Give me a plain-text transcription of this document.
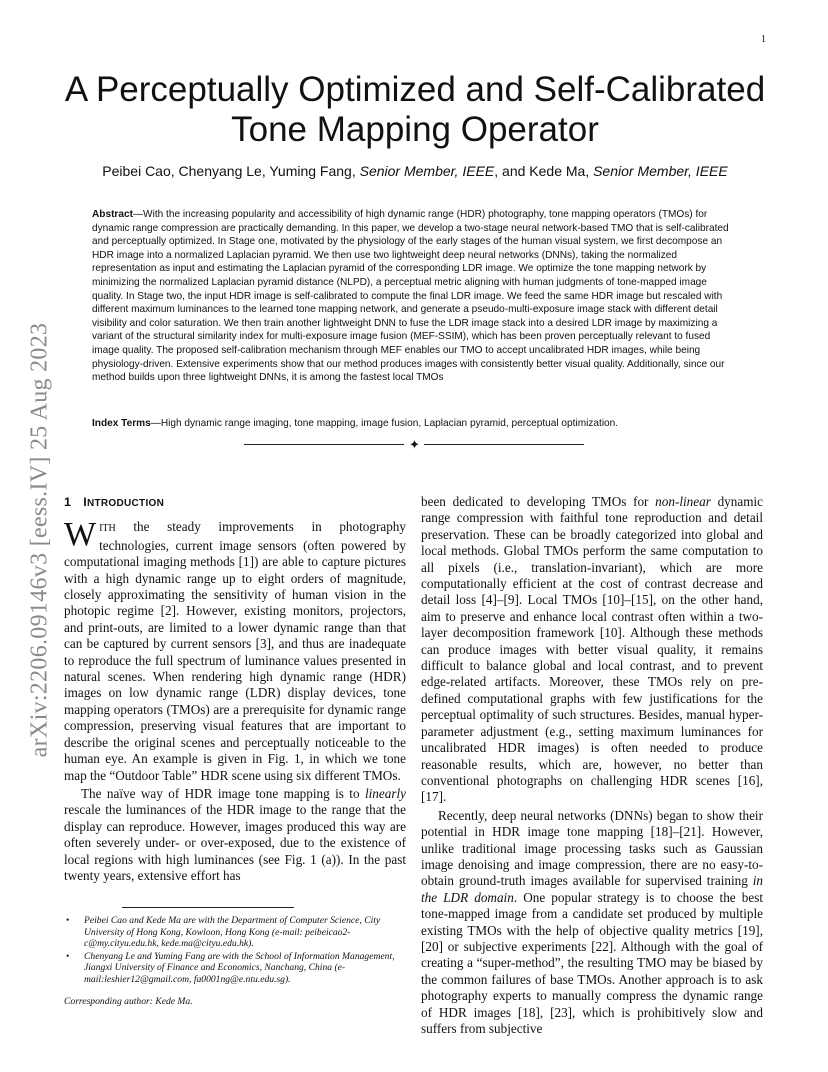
1
arXiv:2206.09146v3 [eess.IV] 25 Aug 2023
A Perceptually Optimized and Self-Calibrated
Tone Mapping Operator
Peibei Cao, Chenyang Le, Yuming Fang, Senior Member, IEEE, and Kede Ma, Senior Member, IEEE

Abstract—With the increasing popularity and accessibility of high dynamic range (HDR) photography, tone mapping operators (TMOs) for dynamic range compression are practically demanding. In this paper, we develop a two-stage neural network-based TMO that is self-calibrated and perceptually optimized. In Stage one, motivated by the physiology of the early stages of the human visual system, we first decompose an HDR image into a normalized Laplacian pyramid. We then use two lightweight deep neural networks (DNNs), taking the normalized representation as input and estimating the Laplacian pyramid of the corresponding LDR image. We optimize the tone mapping network by minimizing the normalized Laplacian pyramid distance (NLPD), a perceptual metric aligning with human judgments of tone-mapped image quality. In Stage two, the input HDR image is self-calibrated to compute the final LDR image. We feed the same HDR image but rescaled with different maximum luminances to the learned tone mapping network, and generate a pseudo-multi-exposure image stack with different detail visibility and color saturation. We then train another lightweight DNN to fuse the LDR image stack into a desired LDR image by maximizing a variant of the structural similarity index for multi-exposure image fusion (MEF-SSIM), which has been proven perceptually relevant to fused image quality. The proposed self-calibration mechanism through MEF enables our TMO to accept uncalibrated HDR images, while being physiology-driven. Extensive experiments show that our method produces images with consistently better visual quality. Additionally, since our method builds upon three lightweight DNNs, it is among the fastest local TMOs

Index Terms—High dynamic range imaging, tone mapping, image fusion, Laplacian pyramid, perceptual optimization.

✦
1 INTRODUCTION

WITH the steady improvements in photography technologies, current image sensors (often powered by computational imaging methods [1]) are able to capture pictures with a high dynamic range up to eight orders of magnitude, closely approximating the sensitivity of human vision in the photopic regime [2]. However, existing monitors, projectors, and print-outs, are limited to a lower dynamic range than that can be captured by current sensors [3], and thus are inadequate to reproduce the full spectrum of luminance values presented in natural scenes. When rendering high dynamic range (HDR) images on low dynamic range (LDR) display devices, tone mapping operators (TMOs) are a prerequisite for dynamic range compression, preserving visual features that are important to describe the original scenes and perceptually noticeable to the human eye. An example is given in Fig. 1, in which we tone map the “Outdoor Table” HDR scene using six different TMOs.

The naïve way of HDR image tone mapping is to linearly rescale the luminances of the HDR image to the range that the display can reproduce. However, images produced this way are often severely under- or over-exposed, due to the existence of local regions with high luminances (see Fig. 1 (a)). In the past twenty years, extensive effort has

been dedicated to developing TMOs for non-linear dynamic range compression with faithful tone reproduction and detail preservation. These can be broadly categorized into global and local methods. Global TMOs perform the same computation to all pixels (i.e., translation-invariant), which are more computationally efficient at the cost of contrast decrease and detail loss [4]–[9]. Local TMOs [10]–[15], on the other hand, aim to preserve and enhance local contrast often within a two-layer decomposition framework [10]. Although these methods can produce images with better visual quality, it remains difficult to balance global and local contrast, and to prevent edge-related artifacts. Moreover, these TMOs rely on pre-defined computational graphs with few justifications for the perceptual optimality of such structures. Besides, manual hyper-parameter adjustment (e.g., setting maximum luminances for uncalibrated HDR images) is often needed to produce reasonable results, which are, however, no better than conventional photographs on challenging HDR scenes [16], [17].

Recently, deep neural networks (DNNs) began to show their potential in HDR image tone mapping [18]–[21]. However, unlike traditional image processing tasks such as Gaussian image denoising and image compression, there are no easy-to-obtain ground-truth images available for supervised training in the LDR domain. One popular strategy is to choose the best tone-mapped image from a candidate set produced by multiple existing TMOs with the help of objective quality metrics [19], [20] or subjective experiments [22]. Although with the goal of creating a “super-method”, the resulting TMO may be biased by the common failures of base TMOs. Another approach is to ask photography experts to manually compress the dynamic range of HDR images [18], [23], which is prohibitively slow and suffers from subjective

• Peibei Cao and Kede Ma are with the Department of Computer Science, City University of Hong Kong, Kowloon, Hong Kong (e-mail: peibeicao2-c@my.cityu.edu.hk, kede.ma@cityu.edu.hk).
• Chenyang Le and Yuming Fang are with the School of Information Management, Jiangxi University of Finance and Economics, Nanchang, China (e-mail:leshier12@gmail.com, fa0001ng@e.ntu.edu.sg).
Corresponding author: Kede Ma.
